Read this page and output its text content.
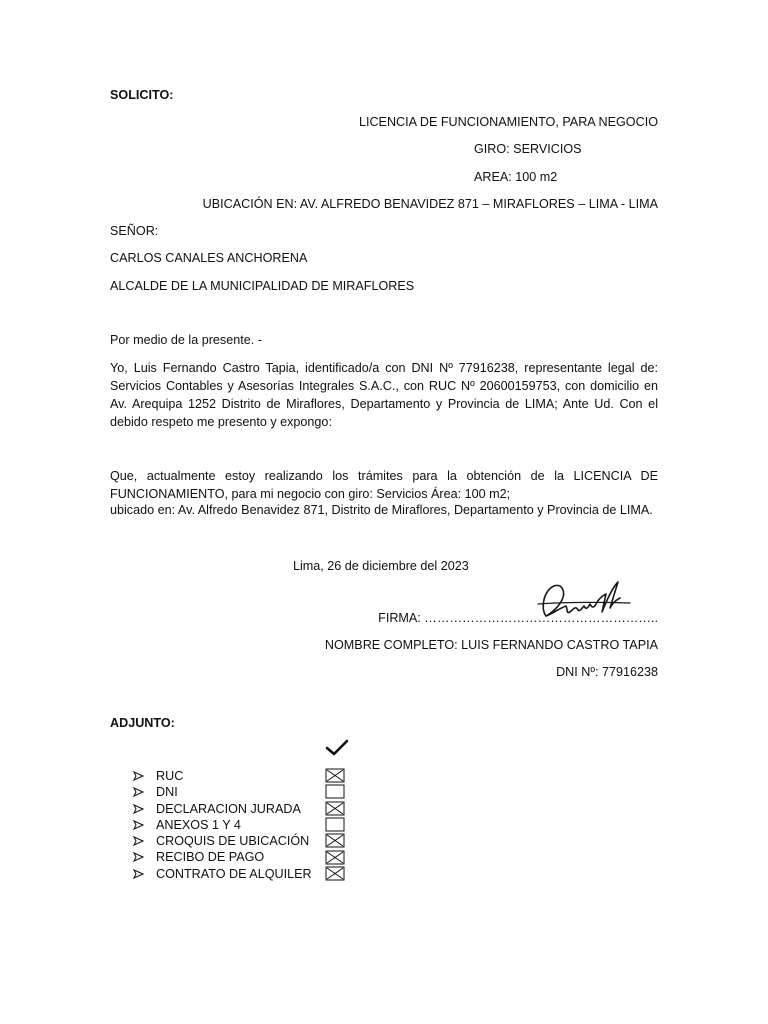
SOLICITO:
LICENCIA DE FUNCIONAMIENTO, PARA NEGOCIO
GIRO: SERVICIOS
AREA: 100 m2
UBICACIÓN EN: AV. ALFREDO BENAVIDEZ 871 – MIRAFLORES – LIMA - LIMA
SEÑOR:
CARLOS CANALES ANCHORENA
ALCALDE DE LA MUNICIPALIDAD DE MIRAFLORES
Por medio de la presente. -
Yo, Luis Fernando Castro Tapia, identificado/a con DNI Nº 77916238, representante legal de: Servicios Contables y Asesorías Integrales S.A.C., con RUC Nº 20600159753, con domicilio en Av. Arequipa 1252 Distrito de Miraflores, Departamento y Provincia de LIMA; Ante Ud. Con el debido respeto me presento y expongo:
Que, actualmente estoy realizando los trámites para la obtención de la LICENCIA DE FUNCIONAMIENTO, para mi negocio con giro: Servicios Área: 100 m2;
ubicado en: Av. Alfredo Benavidez 871, Distrito de Miraflores, Departamento y Provincia de LIMA.
Lima, 26 de diciembre del 2023
FIRMA: ………………………………………………..
NOMBRE COMPLETO: LUIS FERNANDO CASTRO TAPIA
DNI Nº: 77916238
ADJUNTO:
RUC
DNI
DECLARACION JURADA
ANEXOS 1 Y 4
CROQUIS DE UBICACIÓN
RECIBO DE PAGO
CONTRATO DE ALQUILER
